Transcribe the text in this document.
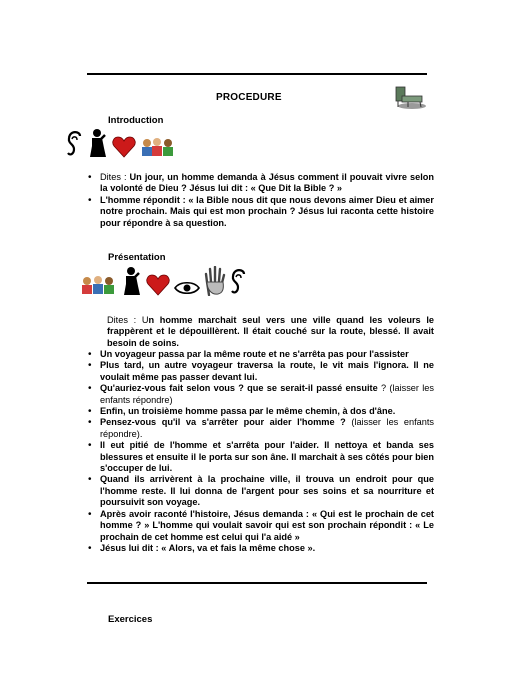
PROCEDURE
Introduction
• Dites : Un jour, un homme demanda à Jésus comment il pouvait vivre selon la volonté de Dieu ? Jésus lui dit : « Que Dit la Bible ? »
• L'homme répondit : « la Bible nous dit que nous devons aimer Dieu et aimer notre prochain. Mais qui est mon prochain ? Jésus lui raconta cette histoire pour répondre à sa question.
Présentation
Dites : Un homme marchait seul vers une ville quand les voleurs le frappèrent et le dépouillèrent. Il était couché sur la route, blessé. Il avait besoin de soins.
• Un voyageur passa par la même route et ne s'arrêta pas pour l'assister
• Plus tard, un autre voyageur traversa la route, le vit mais l'ignora. Il ne voulait même pas passer devant lui.
• Qu'auriez-vous fait selon vous ? que se serait-il passé ensuite ? (laisser les enfants répondre)
• Enfin, un troisième homme passa par le même chemin, à dos d'âne.
• Pensez-vous qu'il va s'arrêter pour aider l'homme ? (laisser les enfants répondre).
• Il eut pitié de l'homme et s'arrêta pour l'aider. Il nettoya et banda ses blessures et ensuite il le porta sur son âne. Il marchait à ses côtés pour bien s'occuper de lui.
• Quand ils arrivèrent à la prochaine ville, il trouva un endroit pour que l'homme reste. Il lui donna de l'argent pour ses soins et sa nourriture et poursuivit son voyage.
• Après avoir raconté l'histoire, Jésus demanda : « Qui est le prochain de cet homme ? » L'homme qui voulait savoir qui est son prochain répondit : « Le prochain de cet homme est celui qui l'a aidé »
• Jésus lui dit : « Alors, va et fais la même chose ».
Exercices
